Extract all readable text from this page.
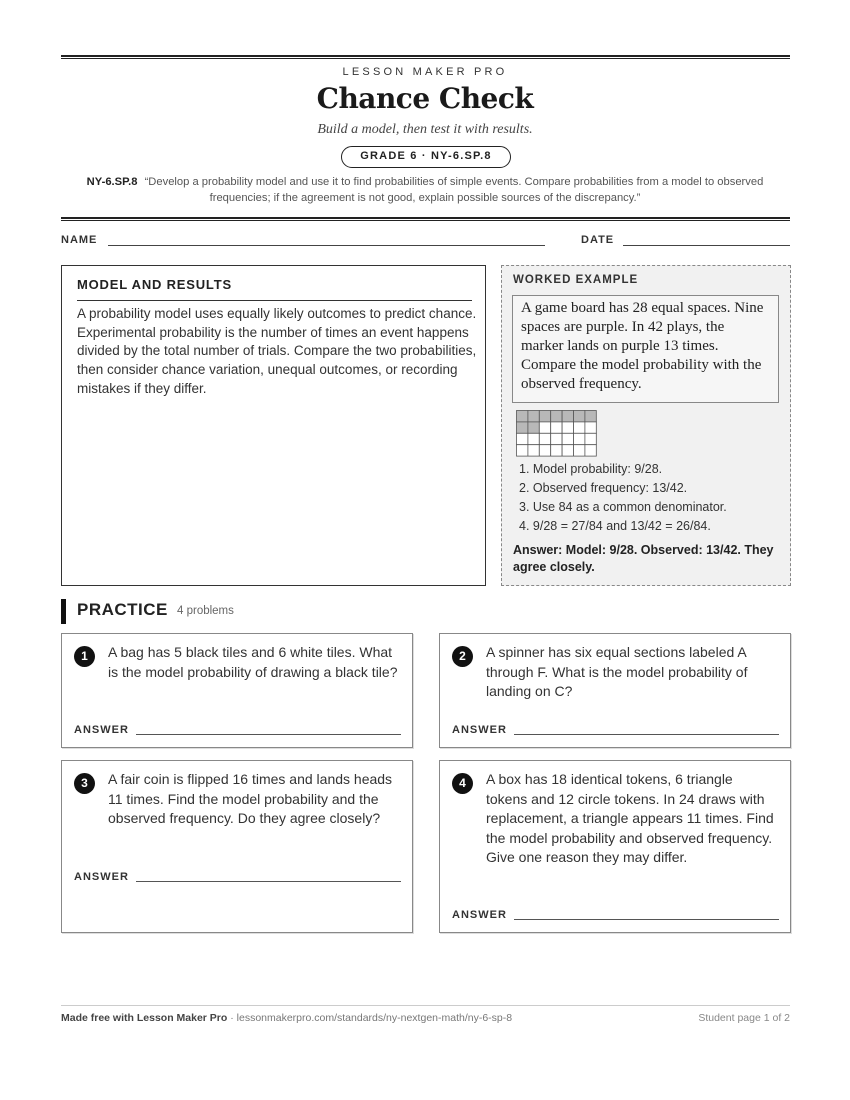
LESSON MAKER PRO
Chance Check
Build a model, then test it with results.
GRADE 6 · NY-6.SP.8
NY-6.SP.8 “Develop a probability model and use it to find probabilities of simple events. Compare probabilities from a model to observed frequencies; if the agreement is not good, explain possible sources of the discrepancy.”
NAME	DATE
MODEL AND RESULTS
A probability model uses equally likely outcomes to predict chance. Experimental probability is the number of times an event happens divided by the total number of trials. Compare the two probabilities, then consider chance variation, unequal outcomes, or recording mistakes if they differ.
WORKED EXAMPLE
A game board has 28 equal spaces. Nine spaces are purple. In 42 plays, the marker lands on purple 13 times. Compare the model probability with the observed frequency.
1. Model probability: 9/28.
2. Observed frequency: 13/42.
3. Use 84 as a common denominator.
4. 9/28 = 27/84 and 13/42 = 26/84.
Answer: Model: 9/28. Observed: 13/42. They agree closely.
PRACTICE 4 problems
1	A bag has 5 black tiles and 6 white tiles. What is the model probability of drawing a black tile?
ANSWER
2	A spinner has six equal sections labeled A through F. What is the model probability of landing on C?
ANSWER
3	A fair coin is flipped 16 times and lands heads 11 times. Find the model probability and the observed frequency. Do they agree closely?
ANSWER
4	A box has 18 identical tokens, 6 triangle tokens and 12 circle tokens. In 24 draws with replacement, a triangle appears 11 times. Find the model probability and observed frequency. Give one reason they may differ.
ANSWER
Made free with Lesson Maker Pro · lessonmakerpro.com/standards/ny-nextgen-math/ny-6-sp-8	Student page 1 of 2
